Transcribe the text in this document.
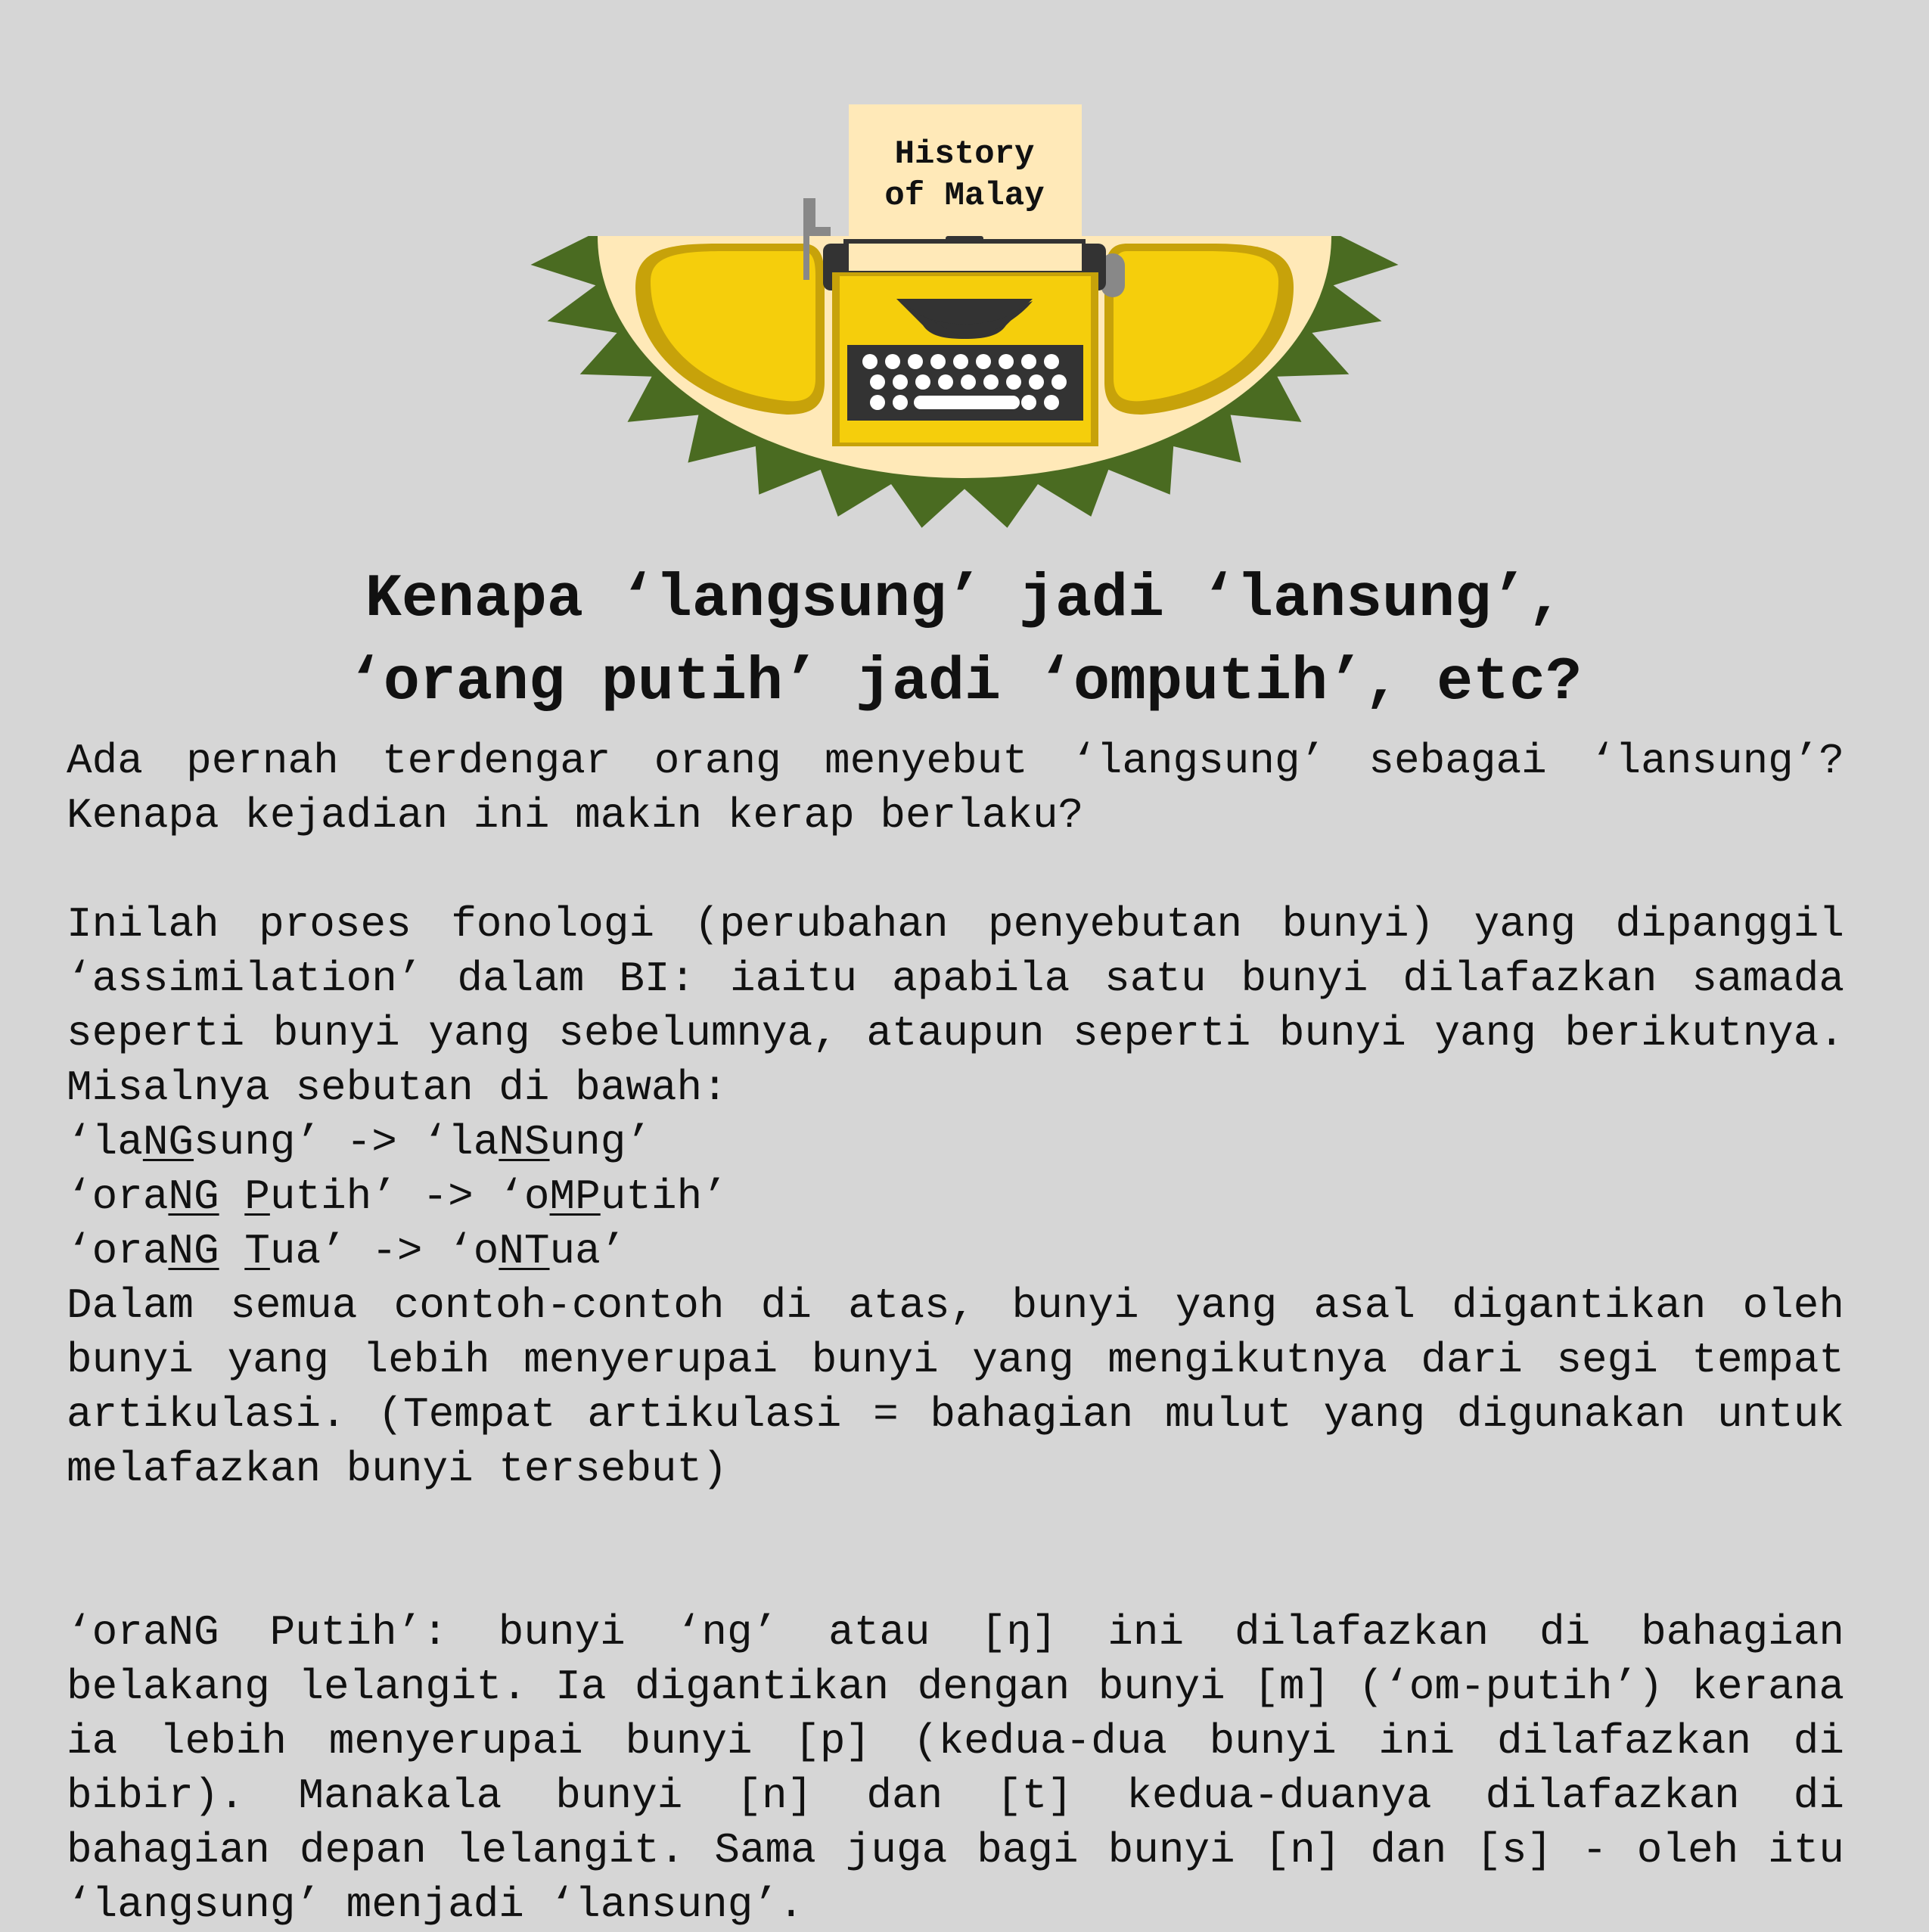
History
of Malay
Kenapa ‘langsung’ jadi ‘lansung’,
‘orang putih’ jadi ‘omputih’, etc?
Ada pernah terdengar orang menyebut ‘langsung’ sebagai ‘lansung’? Kenapa kejadian ini makin kerap berlaku?
Inilah proses fonologi (perubahan penyebutan bunyi) yang dipanggil ‘assimilation’ dalam BI: iaitu apabila satu bunyi dilafazkan samada seperti bunyi yang sebelumnya, ataupun seperti bunyi yang berikutnya. Misalnya sebutan di bawah:
‘laNGsung’ -> ‘laNSung’
‘oraNG Putih’ -> ‘oMPutih’
‘oraNG Tua’ -> ‘oNTua’
Dalam semua contoh-contoh di atas, bunyi yang asal digantikan oleh bunyi yang lebih menyerupai bunyi yang mengikutnya dari segi tempat artikulasi. (Tempat artikulasi = bahagian mulut yang digunakan untuk melafazkan bunyi tersebut)
‘oraNG Putih’: bunyi ‘ng’ atau [ŋ] ini dilafazkan di bahagian belakang lelangit. Ia digantikan dengan bunyi [m] (‘om-putih’) kerana ia lebih menyerupai bunyi [p] (kedua-dua bunyi ini dilafazkan di bibir). Manakala bunyi [n] dan [t] kedua-duanya dilafazkan di bahagian depan lelangit. Sama juga bagi bunyi [n] dan [s] - oleh itu ‘langsung’ menjadi ‘lansung’.
